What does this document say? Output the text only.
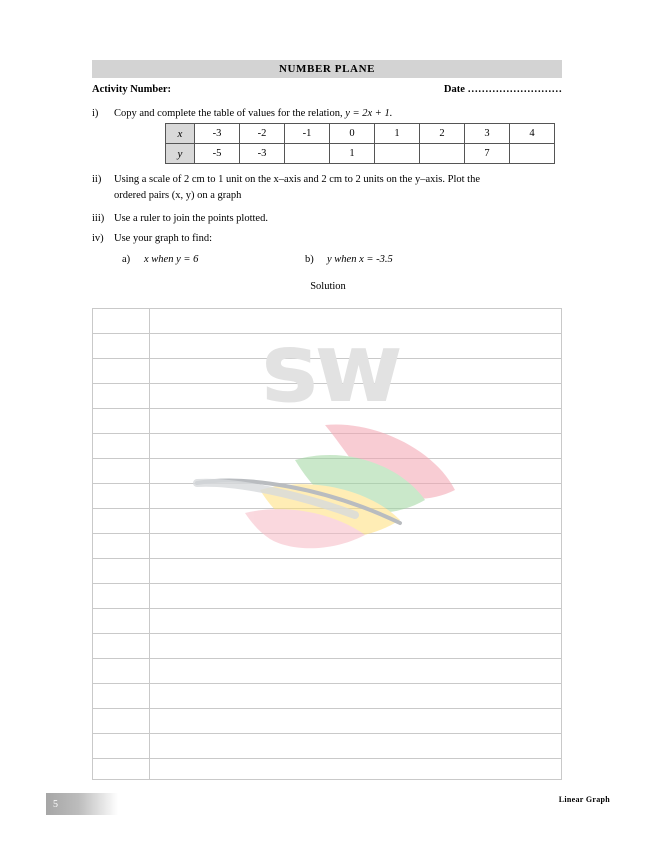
NUMBER PLANE
Activity Number:	Date ………………………
i)	Copy and complete the table of values for the relation, y = 2x + 1.
x	-3	-2	-1	0	1	2	3	4
y	-5	-3		1			7	
ii)	Using a scale of 2 cm to 1 unit on the x–axis and 2 cm to 2 units on the y–axis. Plot the
ordered pairs (x, y) on a graph
iii) Use a ruler to join the points plotted.
iv) Use your graph to find:
a)	x when y = 6	b)	y when x = -3.5
Solution
sw
5	Linear Graph
